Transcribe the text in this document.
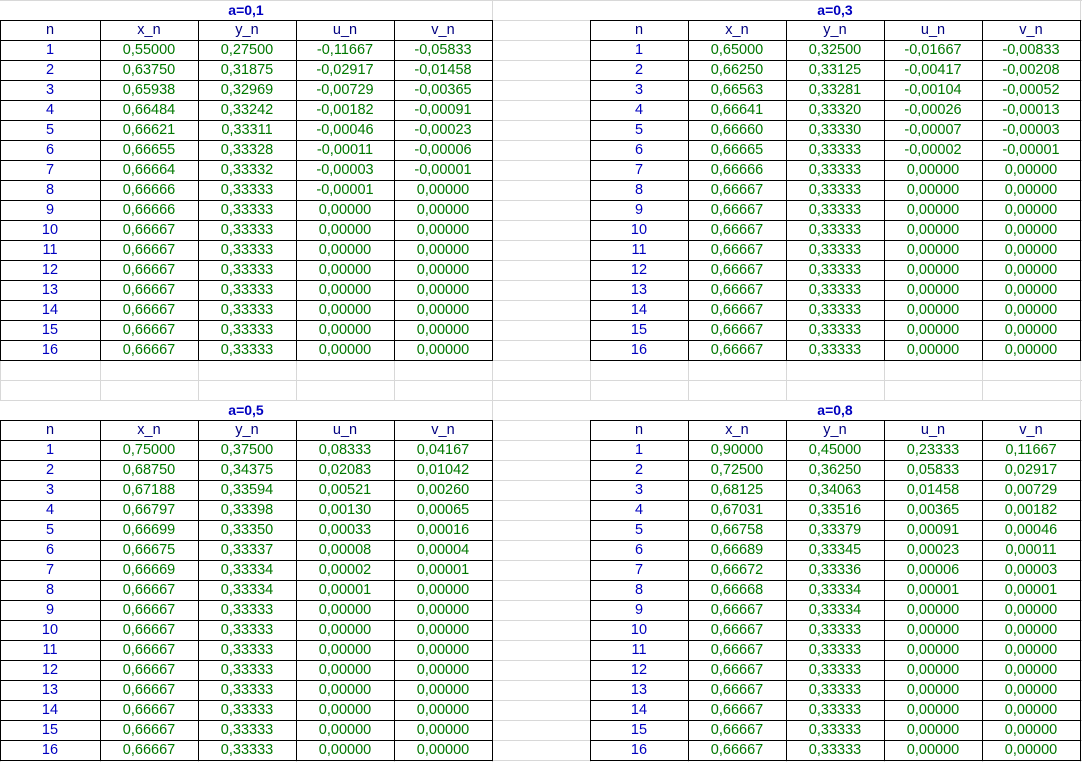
a=0,1
n	x_n	y_n	u_n	v_n
1	0,55000	0,27500	-0,11667	-0,05833
2	0,63750	0,31875	-0,02917	-0,01458
3	0,65938	0,32969	-0,00729	-0,00365
4	0,66484	0,33242	-0,00182	-0,00091
5	0,66621	0,33311	-0,00046	-0,00023
6	0,66655	0,33328	-0,00011	-0,00006
7	0,66664	0,33332	-0,00003	-0,00001
8	0,66666	0,33333	-0,00001	0,00000
9	0,66666	0,33333	0,00000	0,00000
10	0,66667	0,33333	0,00000	0,00000
11	0,66667	0,33333	0,00000	0,00000
12	0,66667	0,33333	0,00000	0,00000
13	0,66667	0,33333	0,00000	0,00000
14	0,66667	0,33333	0,00000	0,00000
15	0,66667	0,33333	0,00000	0,00000
16	0,66667	0,33333	0,00000	0,00000
a=0,3
n	x_n	y_n	u_n	v_n
1	0,65000	0,32500	-0,01667	-0,00833
2	0,66250	0,33125	-0,00417	-0,00208
3	0,66563	0,33281	-0,00104	-0,00052
4	0,66641	0,33320	-0,00026	-0,00013
5	0,66660	0,33330	-0,00007	-0,00003
6	0,66665	0,33333	-0,00002	-0,00001
7	0,66666	0,33333	0,00000	0,00000
8	0,66667	0,33333	0,00000	0,00000
9	0,66667	0,33333	0,00000	0,00000
10	0,66667	0,33333	0,00000	0,00000
11	0,66667	0,33333	0,00000	0,00000
12	0,66667	0,33333	0,00000	0,00000
13	0,66667	0,33333	0,00000	0,00000
14	0,66667	0,33333	0,00000	0,00000
15	0,66667	0,33333	0,00000	0,00000
16	0,66667	0,33333	0,00000	0,00000
a=0,5
n	x_n	y_n	u_n	v_n
1	0,75000	0,37500	0,08333	0,04167
2	0,68750	0,34375	0,02083	0,01042
3	0,67188	0,33594	0,00521	0,00260
4	0,66797	0,33398	0,00130	0,00065
5	0,66699	0,33350	0,00033	0,00016
6	0,66675	0,33337	0,00008	0,00004
7	0,66669	0,33334	0,00002	0,00001
8	0,66667	0,33334	0,00001	0,00000
9	0,66667	0,33333	0,00000	0,00000
10	0,66667	0,33333	0,00000	0,00000
11	0,66667	0,33333	0,00000	0,00000
12	0,66667	0,33333	0,00000	0,00000
13	0,66667	0,33333	0,00000	0,00000
14	0,66667	0,33333	0,00000	0,00000
15	0,66667	0,33333	0,00000	0,00000
16	0,66667	0,33333	0,00000	0,00000
a=0,8
n	x_n	y_n	u_n	v_n
1	0,90000	0,45000	0,23333	0,11667
2	0,72500	0,36250	0,05833	0,02917
3	0,68125	0,34063	0,01458	0,00729
4	0,67031	0,33516	0,00365	0,00182
5	0,66758	0,33379	0,00091	0,00046
6	0,66689	0,33345	0,00023	0,00011
7	0,66672	0,33336	0,00006	0,00003
8	0,66668	0,33334	0,00001	0,00001
9	0,66667	0,33334	0,00000	0,00000
10	0,66667	0,33333	0,00000	0,00000
11	0,66667	0,33333	0,00000	0,00000
12	0,66667	0,33333	0,00000	0,00000
13	0,66667	0,33333	0,00000	0,00000
14	0,66667	0,33333	0,00000	0,00000
15	0,66667	0,33333	0,00000	0,00000
16	0,66667	0,33333	0,00000	0,00000
